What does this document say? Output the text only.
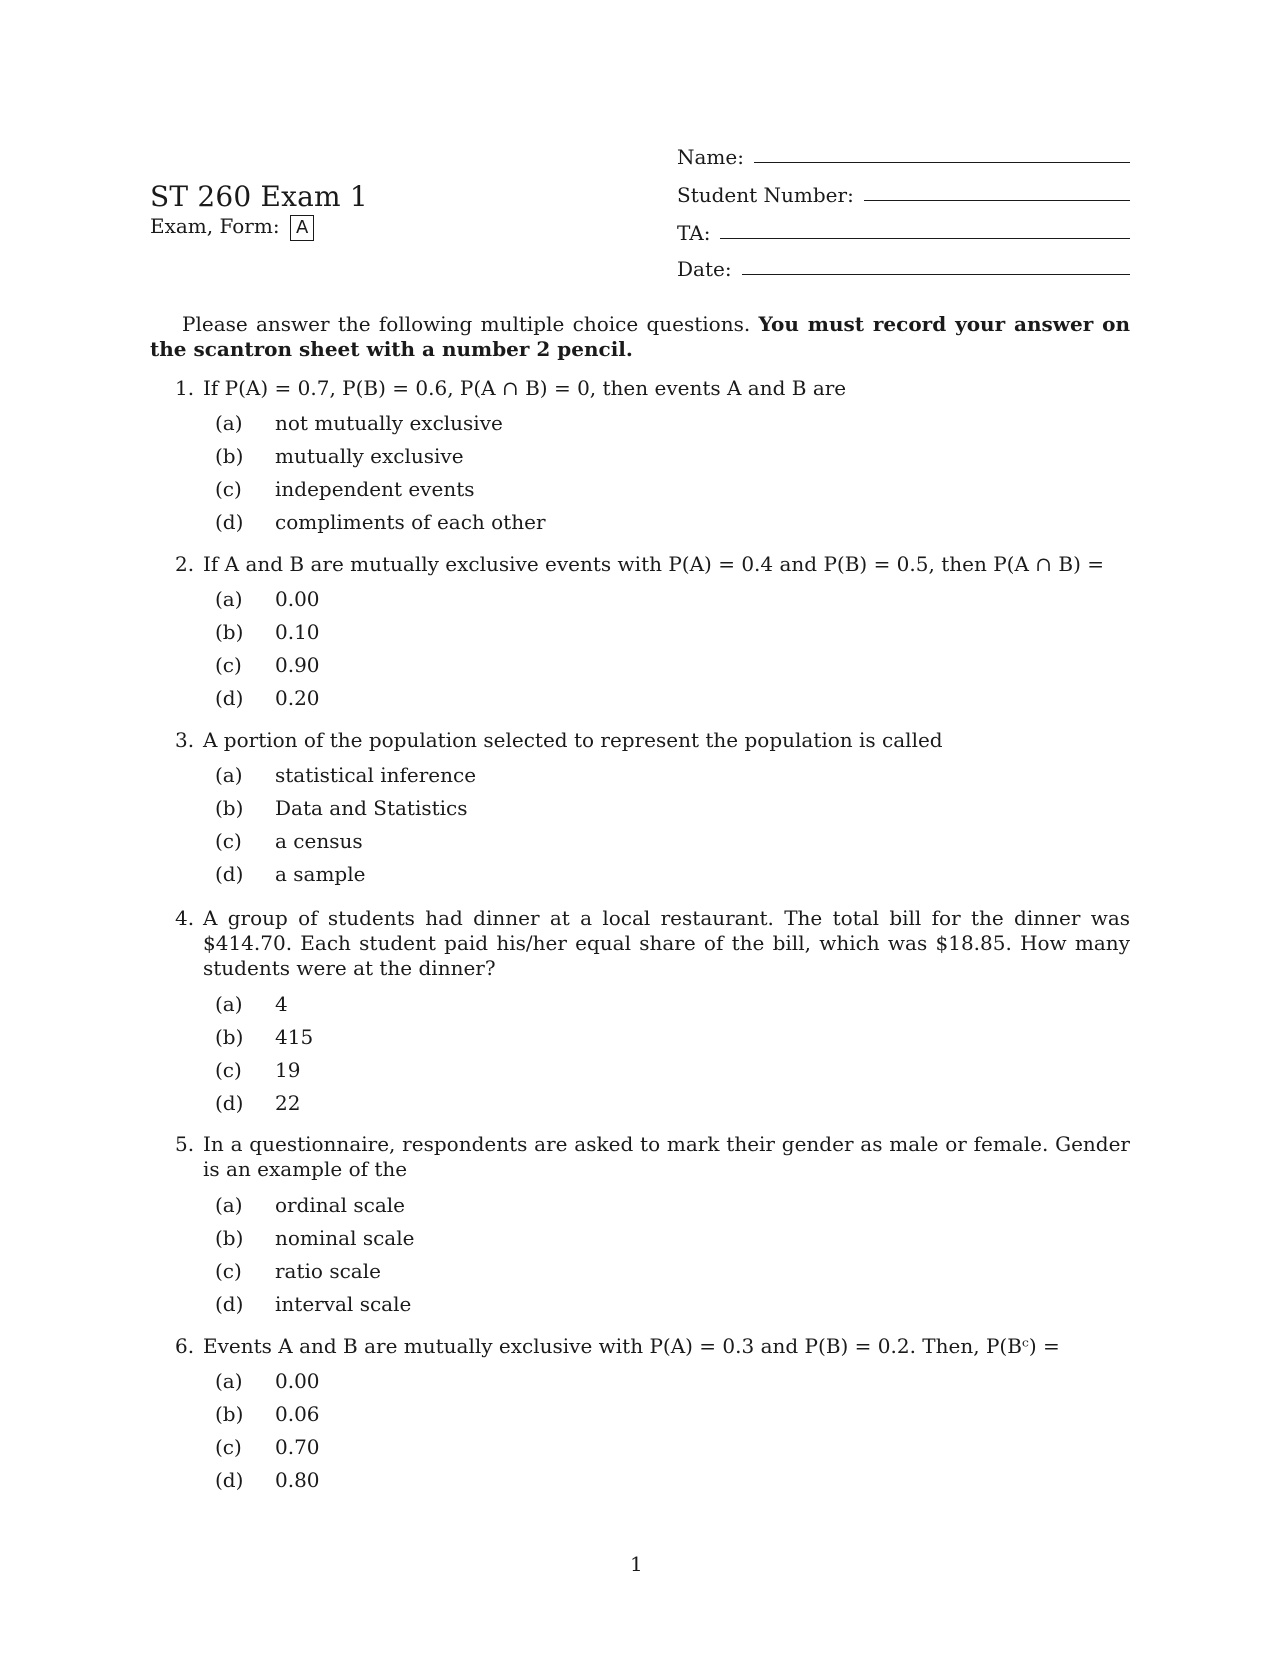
ST 260 Exam 1
Exam, Form: A
Name:
Student Number:
TA:
Date:
Please answer the following multiple choice questions. You must record your answer on the scantron sheet with a number 2 pencil.
1. If P(A) = 0.7, P(B) = 0.6, P(A ∩ B) = 0, then events A and B are
(a) not mutually exclusive
(b) mutually exclusive
(c) independent events
(d) compliments of each other
2. If A and B are mutually exclusive events with P(A) = 0.4 and P(B) = 0.5, then P(A ∩ B) =
(a) 0.00
(b) 0.10
(c) 0.90
(d) 0.20
3. A portion of the population selected to represent the population is called
(a) statistical inference
(b) Data and Statistics
(c) a census
(d) a sample
4. A group of students had dinner at a local restaurant. The total bill for the dinner was $414.70. Each student paid his/her equal share of the bill, which was $18.85. How many students were at the dinner?
(a) 4
(b) 415
(c) 19
(d) 22
5. In a questionnaire, respondents are asked to mark their gender as male or female. Gender is an example of the
(a) ordinal scale
(b) nominal scale
(c) ratio scale
(d) interval scale
6. Events A and B are mutually exclusive with P(A) = 0.3 and P(B) = 0.2. Then, P(Bᶜ) =
(a) 0.00
(b) 0.06
(c) 0.70
(d) 0.80
1
